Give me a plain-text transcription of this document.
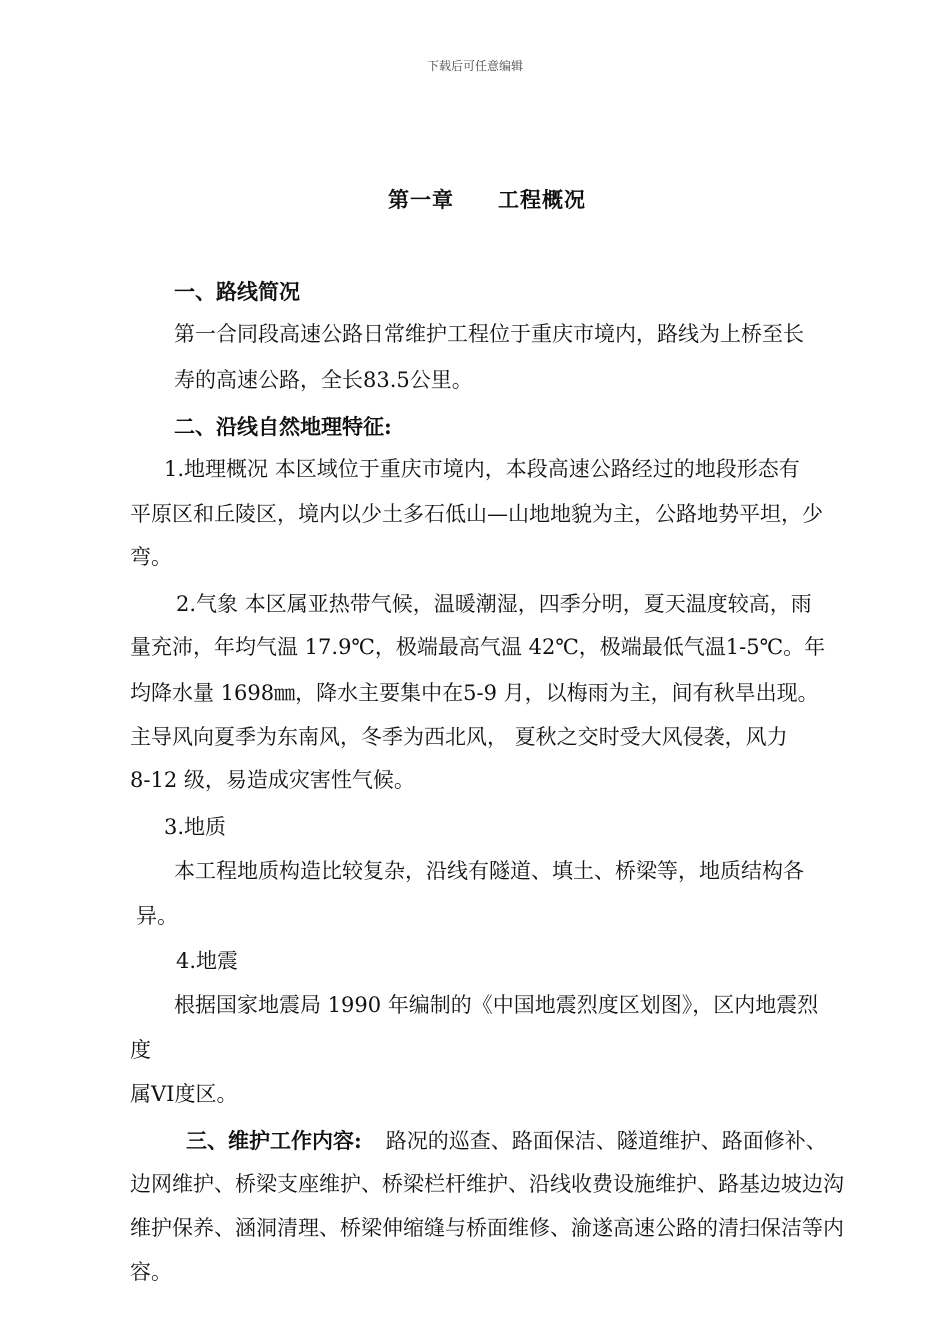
下载后可任意编辑
第一章 工程概况
一、路线简况
第一合同段高速公路日常维护工程位于重庆市境内，路线为上桥至长
寿的高速公路，全长83.5公里。
二、沿线自然地理特征:
1.地理概况 本区域位于重庆市境内，本段高速公路经过的地段形态有
平原区和丘陵区，境内以少土多石低山—山地地貌为主，公路地势平坦，少
弯。
2.气象 本区属亚热带气候，温暖潮湿，四季分明，夏天温度较高，雨
量充沛，年均气温 17.9℃，极端最高气温 42℃，极端最低气温1-5℃。年
均降水量 1698㎜，降水主要集中在5-9 月，以梅雨为主，间有秋旱出现。
主导风向夏季为东南风，冬季为西北风， 夏秋之交时受大风侵袭，风力
8-12 级，易造成灾害性气候。
3.地质
本工程地质构造比较复杂，沿线有隧道、填土、桥梁等，地质结构各
异。
4.地震
根据国家地震局 1990 年编制的《中国地震烈度区划图》，区内地震烈
度
属VI度区。
三、维护工作内容: 路况的巡查、路面保洁、隧道维护、路面修补、
边网维护、桥梁支座维护、桥梁栏杆维护、沿线收费设施维护、路基边坡边沟
维护保养、涵洞清理、桥梁伸缩缝与桥面维修、渝遂高速公路的清扫保洁等内
容。
